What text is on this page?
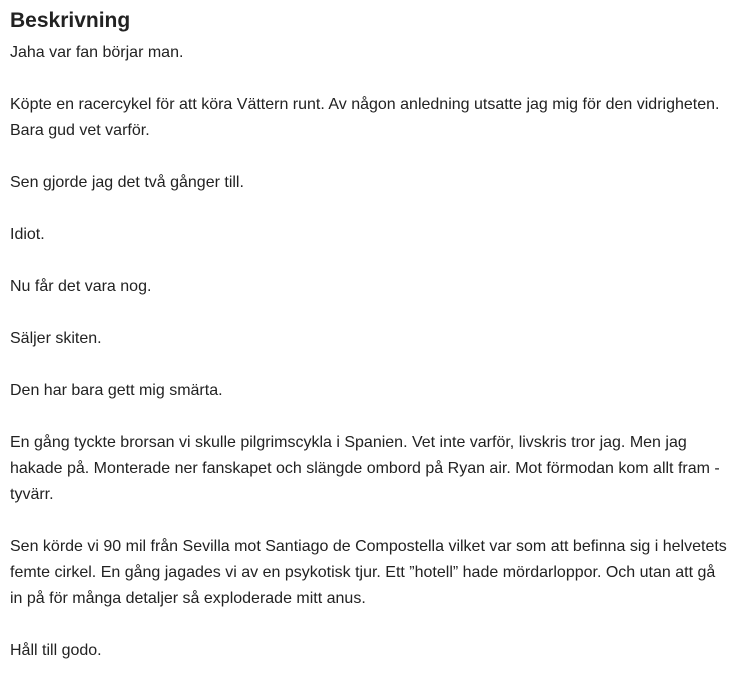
Beskrivning

Jaha var fan börjar man.

Köpte en racercykel för att köra Vättern runt. Av någon anledning utsatte jag mig för den vidrigheten. Bara gud vet varför.

Sen gjorde jag det två gånger till.

Idiot.

Nu får det vara nog.

Säljer skiten.

Den har bara gett mig smärta.

En gång tyckte brorsan vi skulle pilgrimscykla i Spanien. Vet inte varför, livskris tror jag. Men jag hakade på. Monterade ner fanskapet och slängde ombord på Ryan air. Mot förmodan kom allt fram - tyvärr.

Sen körde vi 90 mil från Sevilla mot Santiago de Compostella vilket var som att befinna sig i helvetets femte cirkel. En gång jagades vi av en psykotisk tjur. Ett ”hotell” hade mördarloppor. Och utan att gå in på för många detaljer så exploderade mitt anus.

Håll till godo.
